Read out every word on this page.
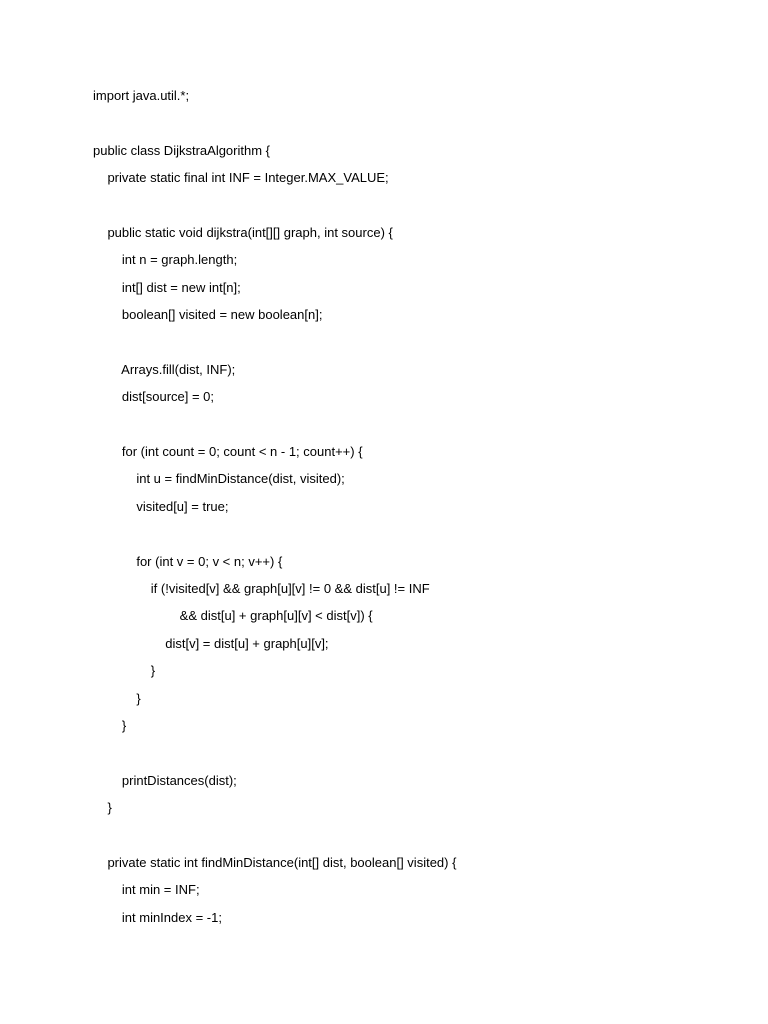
import java.util.*;
public class DijkstraAlgorithm {
private static final int INF = Integer.MAX_VALUE;
public static void dijkstra(int[][] graph, int source) {
int n = graph.length;
int[] dist = new int[n];
boolean[] visited = new boolean[n];
Arrays.fill(dist, INF);
dist[source] = 0;
for (int count = 0; count < n - 1; count++) {
int u = findMinDistance(dist, visited);
visited[u] = true;
for (int v = 0; v < n; v++) {
if (!visited[v] && graph[u][v] != 0 && dist[u] != INF
&& dist[u] + graph[u][v] < dist[v]) {
dist[v] = dist[u] + graph[u][v];
}
}
}
printDistances(dist);
}
private static int findMinDistance(int[] dist, boolean[] visited) {
int min = INF;
int minIndex = -1;
